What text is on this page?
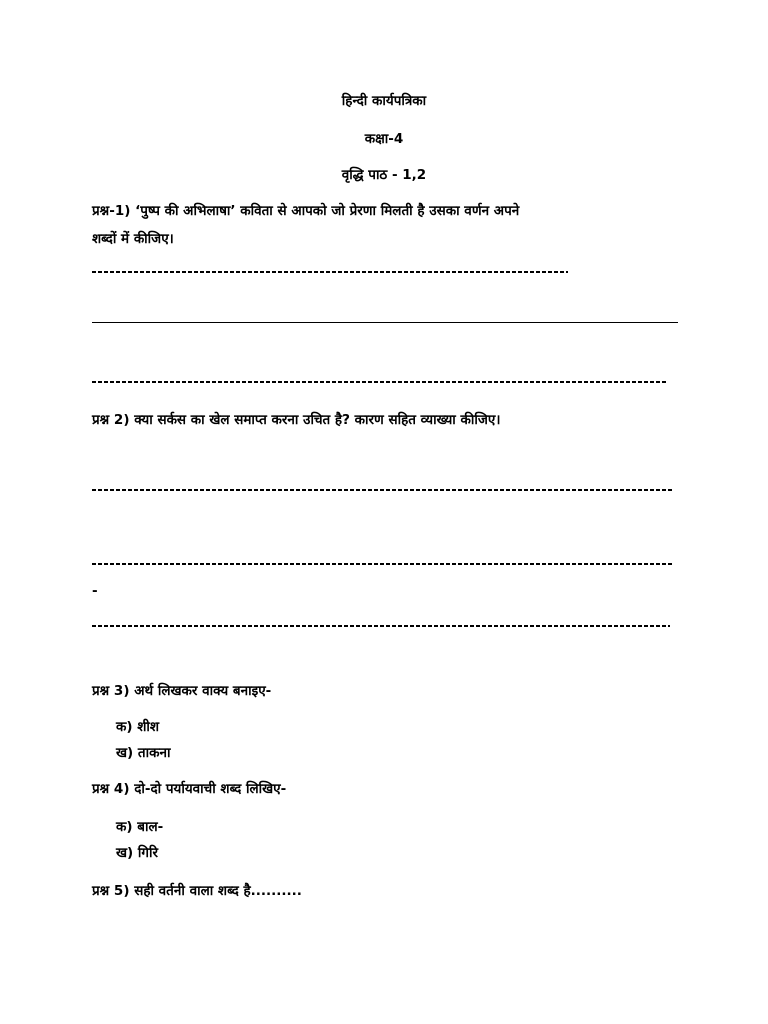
हिन्दी कार्यपत्रिका
कक्षा-4
वृद्धि पाठ - 1,2
प्रश्न-1) ‘पुष्प की अभिलाषा’ कविता से आपको जो प्रेरणा मिलती है उसका वर्णन अपने
शब्दों में कीजिए।
प्रश्न 2) क्या सर्कस का खेल समाप्त करना उचित है? कारण सहित व्याख्या कीजिए।
-
प्रश्न 3) अर्थ लिखकर वाक्य बनाइए-
क) शीश
ख) ताकना
प्रश्न 4) दो-दो पर्यायवाची शब्द लिखिए-
क) बाल-
ख) गिरि
प्रश्न 5) सही वर्तनी वाला शब्द है..........
